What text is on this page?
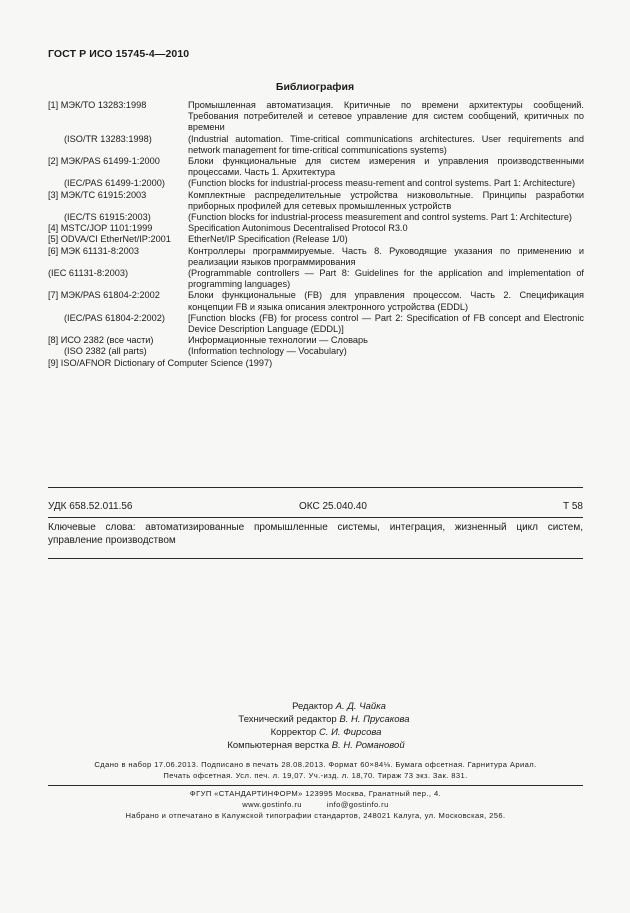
ГОСТ Р ИСО 15745-4—2010
Библиография
[1] МЭК/ТО 13283:1998	Промышленная автоматизация. Критичные по времени архитектуры сообщений. Требования потребителей и сетевое управление для систем сообщений, критичных по времени
(ISO/TR 13283:1998)	(Industrial automation. Time-critical communications architectures. User requirements and network management for time-critical communications systems)
[2] МЭК/PAS 61499-1:2000	Блоки функциональные для систем измерения и управления производственными процессами. Часть 1. Архитектура
(IEC/PAS 61499-1:2000)	(Function blocks for industrial-process measu-rement and control systems. Part 1: Architecture)
[3] МЭК/ТС 61915:2003	Комплектные распределительные устройства низковольтные. Принципы разработки приборных профилей для сетевых промышленных устройств
(IEC/TS 61915:2003)	(Function blocks for industrial-process measurement and control systems. Part 1: Architecture)
[4] MSTC/JOP 1101:1999	Specification Autonimous Decentralised Protocol R3.0
[5] ODVA/CI EtherNet/IP:2001	EtherNet/IP Specification (Release 1/0)
[6] МЭК 61131-8:2003	Контроллеры программируемые. Часть 8. Руководящие указания по применению и реализации языков программирования
(IEC 61131-8:2003)	(Programmable controllers — Part 8: Guidelines for the application and implementation of programming languages)
[7] МЭК/PAS 61804-2:2002	Блоки функциональные (FB) для управления процессом. Часть 2. Спецификация концепции FB и языка описания электронного устройства (EDDL)
(IEC/PAS 61804-2:2002)	[Function blocks (FB) for process control — Part 2: Specification of FB concept and Electronic Device Description Language (EDDL)]
[8] ИСО 2382 (все части)	Информационные технологии — Словарь
(ISO 2382 (all parts)	(Information technology — Vocabulary)
[9] ISO/AFNOR Dictionary of Computer Science (1997)
УДК 658.52.011.56	ОКС 25.040.40	Т 58
Ключевые слова: автоматизированные промышленные системы, интеграция, жизненный цикл систем, управление производством
Редактор А. Д. Чайка
Технический редактор В. Н. Прусакова
Корректор С. И. Фирсова
Компьютерная верстка В. Н. Романовой
Сдано в набор 17.06.2013. Подписано в печать 28.08.2013. Формат 60×84⅛. Бумага офсетная. Гарнитура Ариал.
Печать офсетная. Усл. печ. л. 19,07. Уч.-изд. л. 18,70. Тираж 73 экз. Зак. 831.
ФГУП «СТАНДАРТИНФОРМ» 123995 Москва, Гранатный пер., 4.
www.gostinfo.ru	info@gostinfo.ru
Набрано и отпечатано в Калужской типографии стандартов, 248021 Калуга, ул. Московская, 256.
